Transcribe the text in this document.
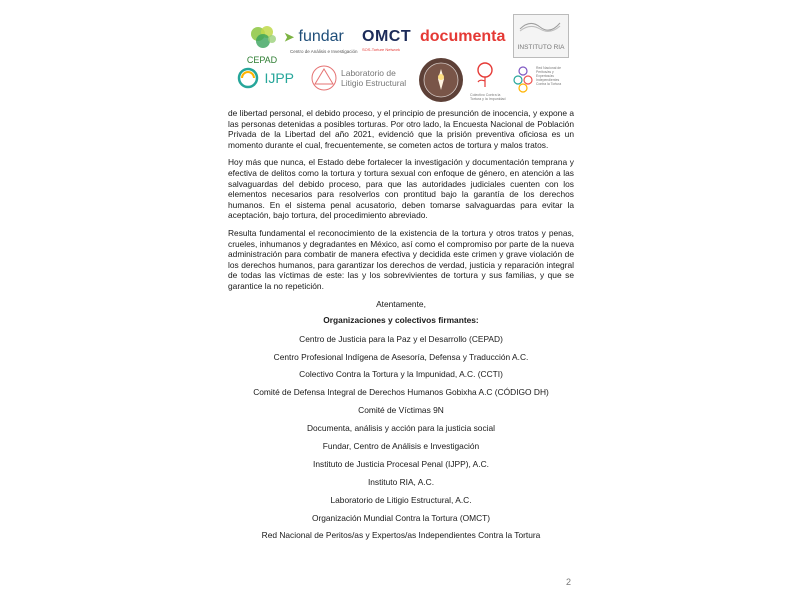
CEPAD
➤ fundar
Centro de Análisis e Investigación
OMCT
SOS-Torture Network
documenta
INSTITUTO RIA
IJPP	Laboratorio de
Litigio Estructural
Colectivo Contra la Tortura y la Impunidad
Red Nacional de Peritos/as y Expertos/as Independientes Contra la Tortura

de libertad personal, el debido proceso, y el principio de presunción de inocencia, y expone a las personas detenidas a posibles torturas. Por otro lado, la Encuesta Nacional de Población Privada de la Libertad del año 2021, evidenció que la prisión preventiva oficiosa es un momento durante el cual, frecuentemente, se cometen actos de tortura y malos tratos.

Hoy más que nunca, el Estado debe fortalecer la investigación y documentación temprana y efectiva de delitos como la tortura y tortura sexual con enfoque de género, en atención a las salvaguardas del debido proceso, para que las autoridades judiciales cuenten con los elementos necesarios para resolverlos con prontitud bajo la garantía de los derechos humanos. En el sistema penal acusatorio, deben tomarse salvaguardas para evitar la aceptación, bajo tortura, del procedimiento abreviado.

Resulta fundamental el reconocimiento de la existencia de la tortura y otros tratos y penas, crueles, inhumanos y degradantes en México, así como el compromiso por parte de la nueva administración para combatir de manera efectiva y decidida este crimen y grave violación de los derechos humanos, para garantizar los derechos de verdad, justicia y reparación integral de todas las víctimas de este: las y los sobrevivientes de tortura y sus familias, y que se garantice la no repetición.

Atentamente,
Organizaciones y colectivos firmantes:
Centro de Justicia para la Paz y el Desarrollo (CEPAD)
Centro Profesional Indígena de Asesoría, Defensa y Traducción A.C.
Colectivo Contra la Tortura y la Impunidad, A.C. (CCTI)
Comité de Defensa Integral de Derechos Humanos Gobixha A.C (CÓDIGO DH)
Comité de Víctimas 9N
Documenta, análisis y acción para la justicia social
Fundar, Centro de Análisis e Investigación
Instituto de Justicia Procesal Penal (IJPP), A.C.
Instituto RIA, A.C.
Laboratorio de Litigio Estructural, A.C.
Organización Mundial Contra la Tortura (OMCT)
Red Nacional de Peritos/as y Expertos/as Independientes Contra la Tortura
2
